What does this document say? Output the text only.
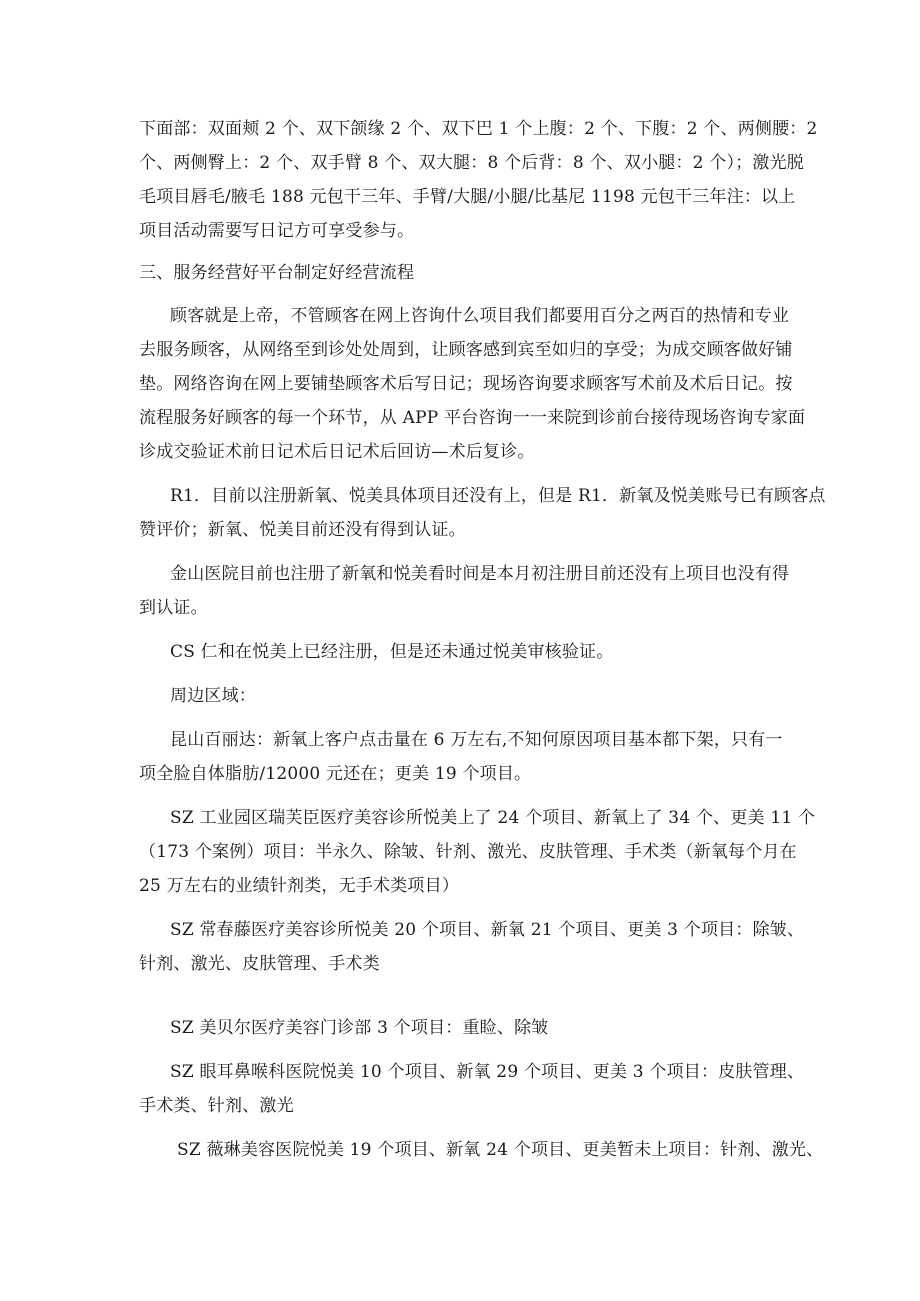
下面部：双面颊 2 个、双下颌缘 2 个、双下巴 1 个上腹：2 个、下腹：2 个、两侧腰：2
个、两侧臀上：2 个、双手臂 8 个、双大腿：8 个后背：8 个、双小腿：2 个）；激光脱
毛项目唇毛/腋毛 188 元包干三年、手臂/大腿/小腿/比基尼 1198 元包干三年注：以上
项目活动需要写日记方可享受参与。
三、服务经营好平台制定好经营流程
顾客就是上帝，不管顾客在网上咨询什么项目我们都要用百分之两百的热情和专业
去服务顾客，从网络至到诊处处周到，让顾客感到宾至如归的享受；为成交顾客做好铺
垫。网络咨询在网上要铺垫顾客术后写日记；现场咨询要求顾客写术前及术后日记。按
流程服务好顾客的每一个环节，从 APP 平台咨询一一来院到诊前台接待现场咨询专家面
诊成交验证术前日记术后日记术后回访—术后复诊。
R1．目前以注册新氧、悦美具体项目还没有上，但是 R1．新氧及悦美账号已有顾客点
赞评价；新氧、悦美目前还没有得到认证。
金山医院目前也注册了新氧和悦美看时间是本月初注册目前还没有上项目也没有得
到认证。
CS 仁和在悦美上已经注册，但是还未通过悦美审核验证。
周边区域：
昆山百丽达：新氧上客户点击量在 6 万左右,不知何原因项目基本都下架，只有一
项全脸自体脂肪/12000 元还在；更美 19 个项目。
SZ 工业园区瑞芙臣医疗美容诊所悦美上了 24 个项目、新氧上了 34 个、更美 11 个
（173 个案例）项目：半永久、除皱、针剂、激光、皮肤管理、手术类（新氧每个月在
25 万左右的业绩针剂类，无手术类项目）
SZ 常春藤医疗美容诊所悦美 20 个项目、新氧 21 个项目、更美 3 个项目：除皱、
针剂、激光、皮肤管理、手术类
SZ 美贝尔医疗美容门诊部 3 个项目：重睑、除皱
SZ 眼耳鼻喉科医院悦美 10 个项目、新氧 29 个项目、更美 3 个项目：皮肤管理、
手术类、针剂、激光
SZ 薇琳美容医院悦美 19 个项目、新氧 24 个项目、更美暂未上项目：针剂、激光、
